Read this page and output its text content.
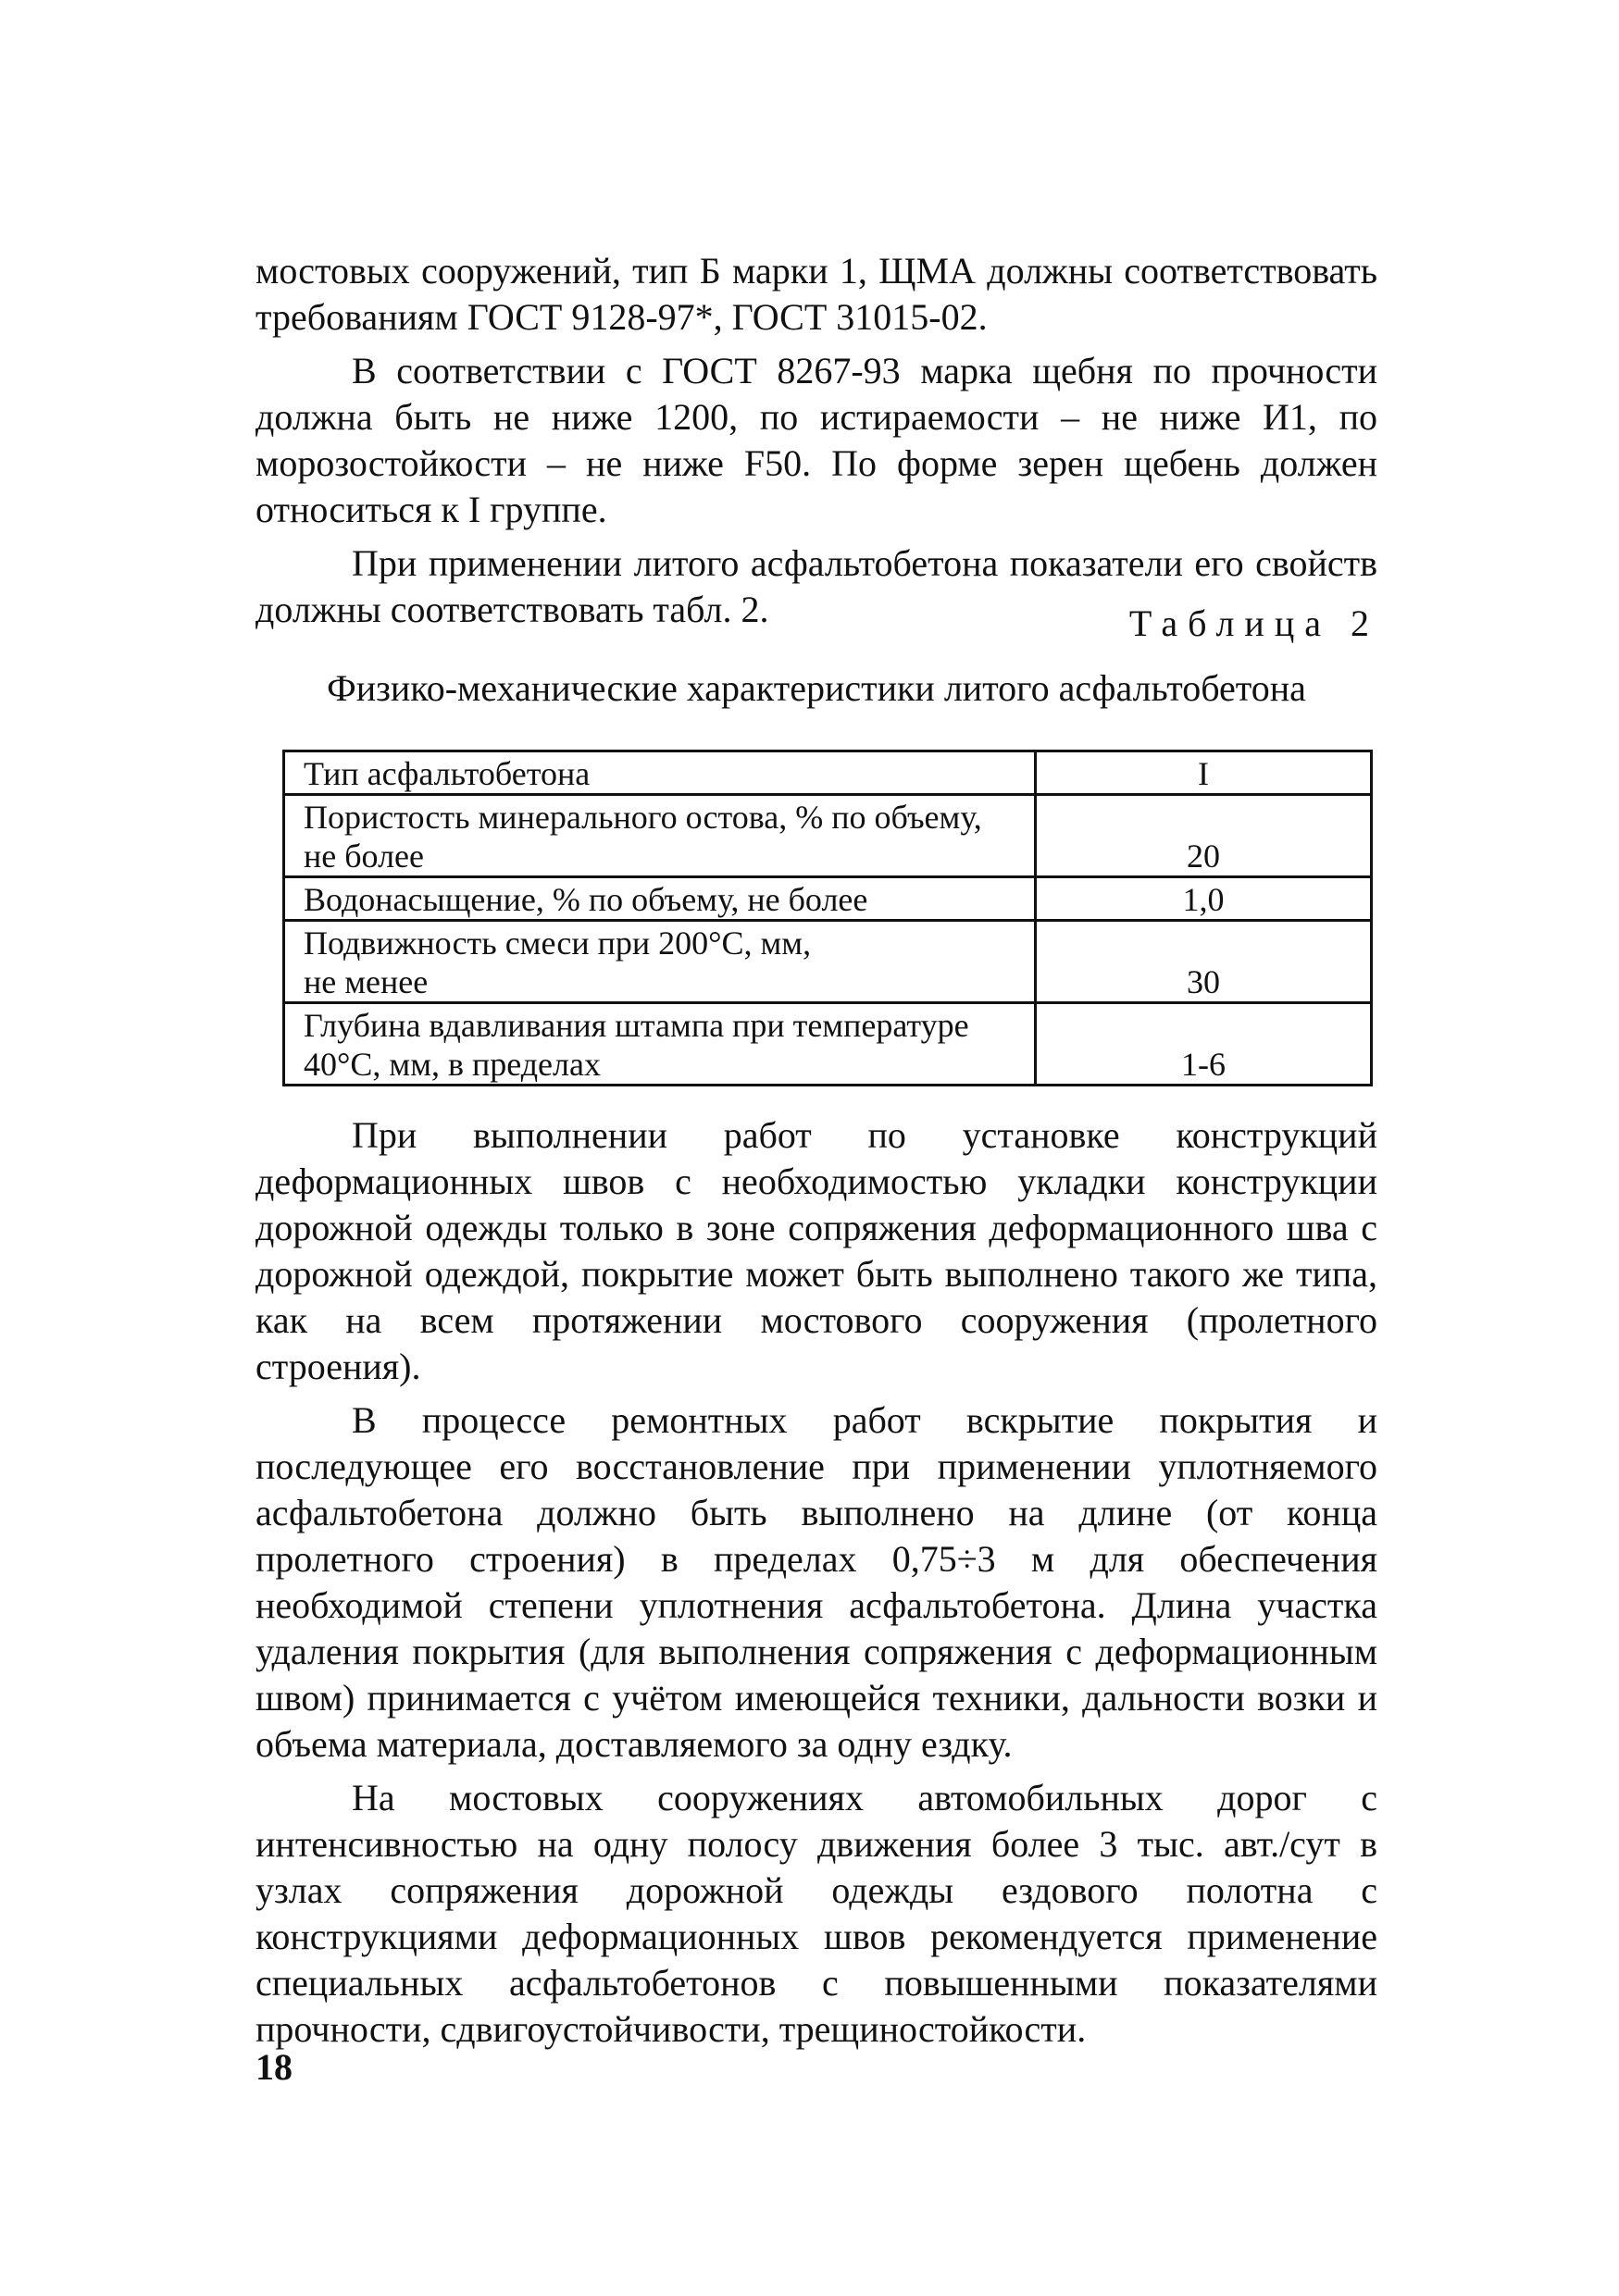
мостовых сооружений, тип Б марки 1, ЩМА должны соответствовать требованиям ГОСТ 9128-97*, ГОСТ 31015-02.

В соответствии с ГОСТ 8267-93 марка щебня по прочности должна быть не ниже 1200, по истираемости – не ниже И1, по морозостойкости – не ниже F50. По форме зерен щебень должен относиться к I группе.

При применении литого асфальтобетона показатели его свойств должны соответствовать табл. 2.	Таблица 2
Физико-механические характеристики литого асфальтобетона
Тип асфальтобетона	I

Пористость минерального остова, % по объему,
не более	20

Водонасыщение, % по объему, не более	1,0

Подвижность смеси при 200°С, мм,
не менее	30

Глубина вдавливания штампа при температуре
40°С, мм, в пределах	1-6

При выполнении работ по установке конструкций деформационных швов с необходимостью укладки конструкции дорожной одежды только в зоне сопряжения деформационного шва с дорожной одеждой, покрытие может быть выполнено такого же типа, как на всем протяжении мостового сооружения (пролетного строения).

В процессе ремонтных работ вскрытие покрытия и последующее его восстановление при применении уплотняемого асфальтобетона должно быть выполнено на длине (от конца пролетного строения) в пределах 0,75÷3 м для обеспечения необходимой степени уплотнения асфальтобетона. Длина участка удаления покрытия (для выполнения сопряжения с деформационным швом) принимается с учётом имеющейся техники, дальности возки и объема материала, доставляемого за одну ездку.

На мостовых сооружениях автомобильных дорог с интенсивностью на одну полосу движения более 3 тыс. авт./сут в узлах сопряжения дорожной одежды ездового полотна с конструкциями деформационных швов рекомендуется применение специальных асфальтобетонов с повышенными показателями прочности, сдвигоустойчивости, трещиностойкости.

18
